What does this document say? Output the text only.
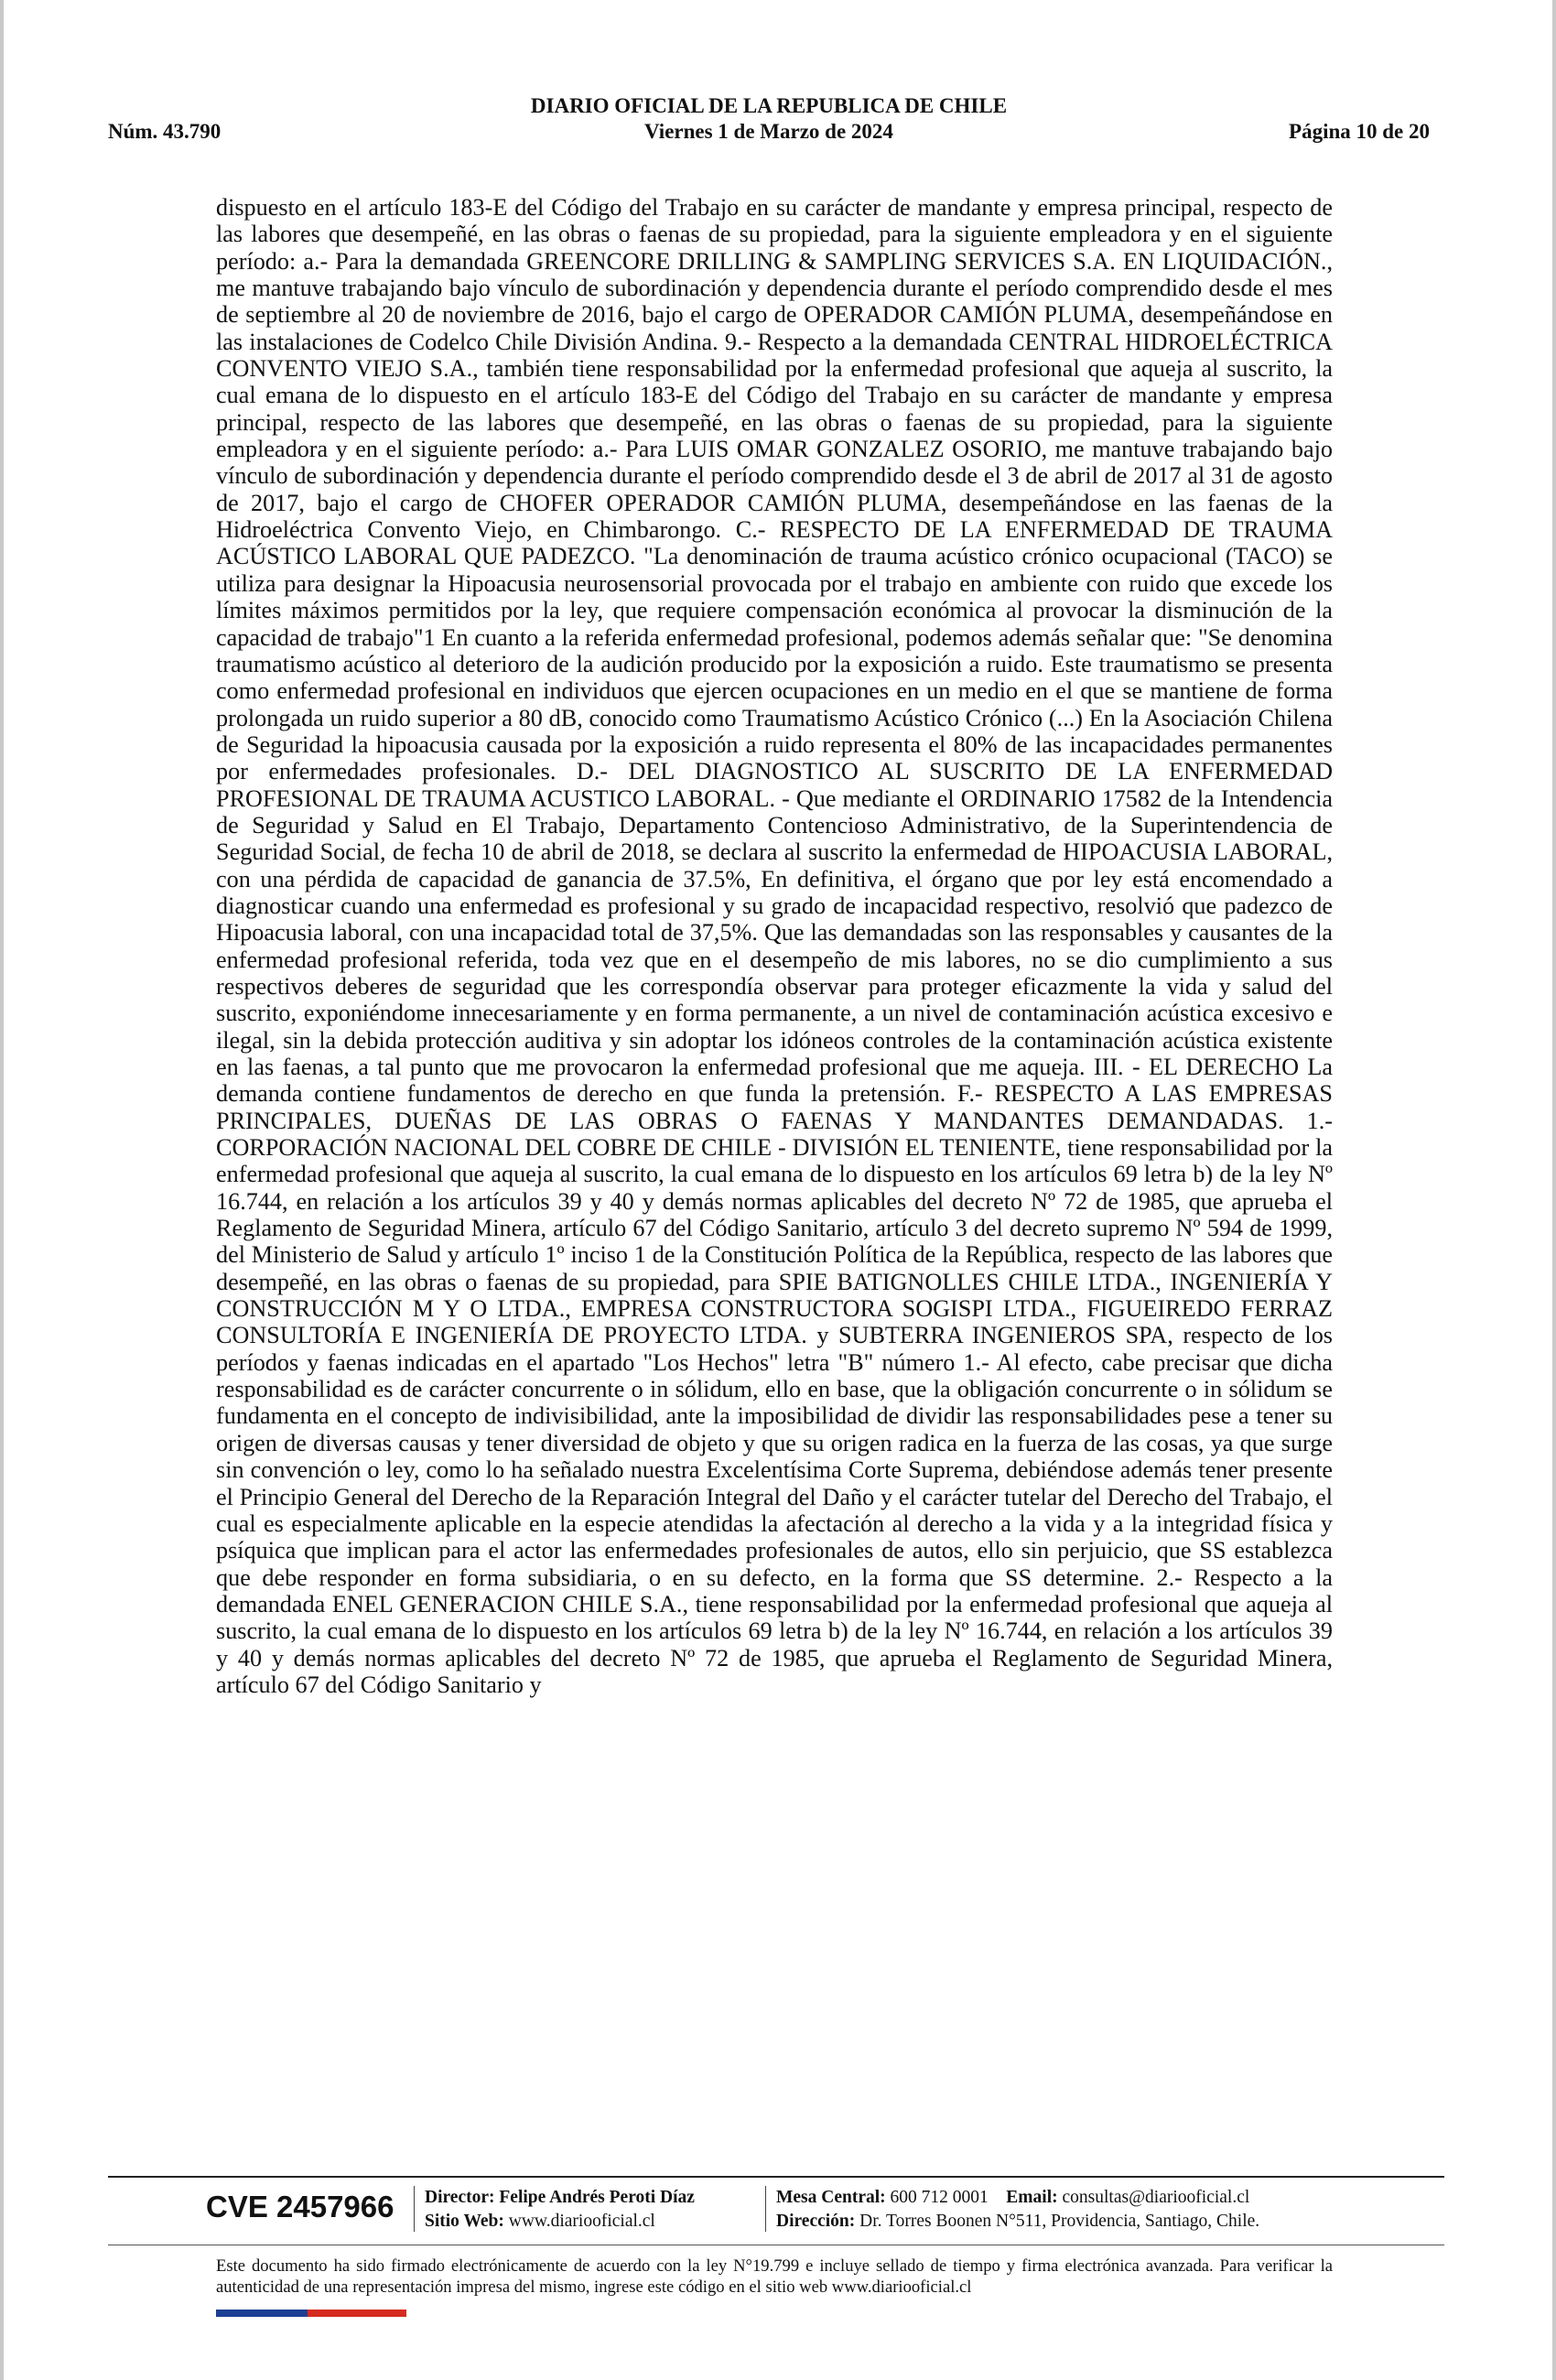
DIARIO OFICIAL DE LA REPUBLICA DE CHILE
Núm. 43.790	Viernes 1 de Marzo de 2024	Página 10 de 20

dispuesto en el artículo 183-E del Código del Trabajo en su carácter de mandante y empresa principal, respecto de las labores que desempeñé, en las obras o faenas de su propiedad, para la siguiente empleadora y en el siguiente período: a.- Para la demandada GREENCORE DRILLING & SAMPLING SERVICES S.A. EN LIQUIDACIÓN., me mantuve trabajando bajo vínculo de subordinación y dependencia durante el período comprendido desde el mes de septiembre al 20 de noviembre de 2016, bajo el cargo de OPERADOR CAMIÓN PLUMA, desempeñándose en las instalaciones de Codelco Chile División Andina. 9.- Respecto a la demandada CENTRAL HIDROELÉCTRICA CONVENTO VIEJO S.A., también tiene responsabilidad por la enfermedad profesional que aqueja al suscrito, la cual emana de lo dispuesto en el artículo 183-E del Código del Trabajo en su carácter de mandante y empresa principal, respecto de las labores que desempeñé, en las obras o faenas de su propiedad, para la siguiente empleadora y en el siguiente período: a.- Para LUIS OMAR GONZALEZ OSORIO, me mantuve trabajando bajo vínculo de subordinación y dependencia durante el período comprendido desde el 3 de abril de 2017 al 31 de agosto de 2017, bajo el cargo de CHOFER OPERADOR CAMIÓN PLUMA, desempeñándose en las faenas de la Hidroeléctrica Convento Viejo, en Chimbarongo. C.- RESPECTO DE LA ENFERMEDAD DE TRAUMA ACÚSTICO LABORAL QUE PADEZCO. "La denominación de trauma acústico crónico ocupacional (TACO) se utiliza para designar la Hipoacusia neurosensorial provocada por el trabajo en ambiente con ruido que excede los límites máximos permitidos por la ley, que requiere compensación económica al provocar la disminución de la capacidad de trabajo"1 En cuanto a la referida enfermedad profesional, podemos además señalar que: "Se denomina traumatismo acústico al deterioro de la audición producido por la exposición a ruido. Este traumatismo se presenta como enfermedad profesional en individuos que ejercen ocupaciones en un medio en el que se mantiene de forma prolongada un ruido superior a 80 dB, conocido como Traumatismo Acústico Crónico (...) En la Asociación Chilena de Seguridad la hipoacusia causada por la exposición a ruido representa el 80% de las incapacidades permanentes por enfermedades profesionales. D.- DEL DIAGNOSTICO AL SUSCRITO DE LA ENFERMEDAD PROFESIONAL DE TRAUMA ACUSTICO LABORAL. - Que mediante el ORDINARIO 17582 de la Intendencia de Seguridad y Salud en El Trabajo, Departamento Contencioso Administrativo, de la Superintendencia de Seguridad Social, de fecha 10 de abril de 2018, se declara al suscrito la enfermedad de HIPOACUSIA LABORAL, con una pérdida de capacidad de ganancia de 37.5%, En definitiva, el órgano que por ley está encomendado a diagnosticar cuando una enfermedad es profesional y su grado de incapacidad respectivo, resolvió que padezco de Hipoacusia laboral, con una incapacidad total de 37,5%. Que las demandadas son las responsables y causantes de la enfermedad profesional referida, toda vez que en el desempeño de mis labores, no se dio cumplimiento a sus respectivos deberes de seguridad que les correspondía observar para proteger eficazmente la vida y salud del suscrito, exponiéndome innecesariamente y en forma permanente, a un nivel de contaminación acústica excesivo e ilegal, sin la debida protección auditiva y sin adoptar los idóneos controles de la contaminación acústica existente en las faenas, a tal punto que me provocaron la enfermedad profesional que me aqueja. III. - EL DERECHO La demanda contiene fundamentos de derecho en que funda la pretensión. F.- RESPECTO A LAS EMPRESAS PRINCIPALES, DUEÑAS DE LAS OBRAS O FAENAS Y MANDANTES DEMANDADAS. 1.- CORPORACIÓN NACIONAL DEL COBRE DE CHILE - DIVISIÓN EL TENIENTE, tiene responsabilidad por la enfermedad profesional que aqueja al suscrito, la cual emana de lo dispuesto en los artículos 69 letra b) de la ley Nº 16.744, en relación a los artículos 39 y 40 y demás normas aplicables del decreto Nº 72 de 1985, que aprueba el Reglamento de Seguridad Minera, artículo 67 del Código Sanitario, artículo 3 del decreto supremo Nº 594 de 1999, del Ministerio de Salud y artículo 1º inciso 1 de la Constitución Política de la República, respecto de las labores que desempeñé, en las obras o faenas de su propiedad, para SPIE BATIGNOLLES CHILE LTDA., INGENIERÍA Y CONSTRUCCIÓN M Y O LTDA., EMPRESA CONSTRUCTORA SOGISPI LTDA., FIGUEIREDO FERRAZ CONSULTORÍA E INGENIERÍA DE PROYECTO LTDA. y SUBTERRA INGENIEROS SPA, respecto de los períodos y faenas indicadas en el apartado "Los Hechos" letra "B" número 1.- Al efecto, cabe precisar que dicha responsabilidad es de carácter concurrente o in sólidum, ello en base, que la obligación concurrente o in sólidum se fundamenta en el concepto de indivisibilidad, ante la imposibilidad de dividir las responsabilidades pese a tener su origen de diversas causas y tener diversidad de objeto y que su origen radica en la fuerza de las cosas, ya que surge sin convención o ley, como lo ha señalado nuestra Excelentísima Corte Suprema, debiéndose además tener presente el Principio General del Derecho de la Reparación Integral del Daño y el carácter tutelar del Derecho del Trabajo, el cual es especialmente aplicable en la especie atendidas la afectación al derecho a la vida y a la integridad física y psíquica que implican para el actor las enfermedades profesionales de autos, ello sin perjuicio, que SS establezca que debe responder en forma subsidiaria, o en su defecto, en la forma que SS determine. 2.- Respecto a la demandada ENEL GENERACION CHILE S.A., tiene responsabilidad por la enfermedad profesional que aqueja al suscrito, la cual emana de lo dispuesto en los artículos 69 letra b) de la ley Nº 16.744, en relación a los artículos 39 y 40 y demás normas aplicables del decreto Nº 72 de 1985, que aprueba el Reglamento de Seguridad Minera, artículo 67 del Código Sanitario y

CVE 2457966 Director: Felipe Andrés Peroti Díaz
Sitio Web: www.diariooficial.cl
Mesa Central: 600 712 0001 Email: consultas@diariooficial.cl
Dirección: Dr. Torres Boonen N°511, Providencia, Santiago, Chile.

Este documento ha sido firmado electrónicamente de acuerdo con la ley N°19.799 e incluye sellado de tiempo y firma electrónica avanzada. Para verificar la autenticidad de una representación impresa del mismo, ingrese este código en el sitio web www.diariooficial.cl
